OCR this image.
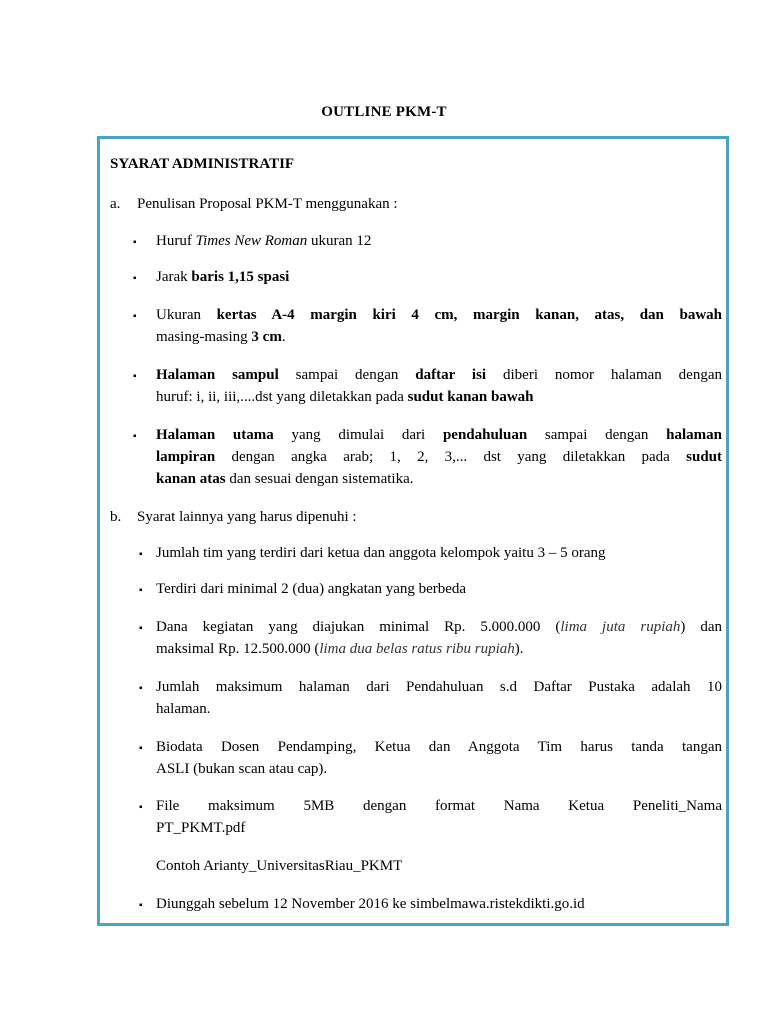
OUTLINE PKM-T
SYARAT ADMINISTRATIF
a. Penulisan Proposal PKM-T menggunakan :
▪ Huruf Times New Roman ukuran 12
▪ Jarak baris 1,15 spasi
▪ Ukuran kertas A-4 margin kiri 4 cm, margin kanan, atas, dan bawah
masing-masing 3 cm.
▪ Halaman sampul sampai dengan daftar isi diberi nomor halaman dengan
huruf: i, ii, iii,....dst yang diletakkan pada sudut kanan bawah
▪ Halaman utama yang dimulai dari pendahuluan sampai dengan halaman
lampiran dengan angka arab; 1, 2, 3,... dst yang diletakkan pada sudut
kanan atas dan sesuai dengan sistematika.
b. Syarat lainnya yang harus dipenuhi :
▪ Jumlah tim yang terdiri dari ketua dan anggota kelompok yaitu 3 – 5 orang
▪ Terdiri dari minimal 2 (dua) angkatan yang berbeda
▪ Dana kegiatan yang diajukan minimal Rp. 5.000.000 (lima juta rupiah) dan
maksimal Rp. 12.500.000 (lima dua belas ratus ribu rupiah).
▪ Jumlah maksimum halaman dari Pendahuluan s.d Daftar Pustaka adalah 10
halaman.
▪ Biodata Dosen Pendamping, Ketua dan Anggota Tim harus tanda tangan
ASLI (bukan scan atau cap).
▪ File maksimum 5MB dengan format Nama Ketua Peneliti_Nama
PT_PKMT.pdf
Contoh Arianty_UniversitasRiau_PKMT
▪ Diunggah sebelum 12 November 2016 ke simbelmawa.ristekdikti.go.id
